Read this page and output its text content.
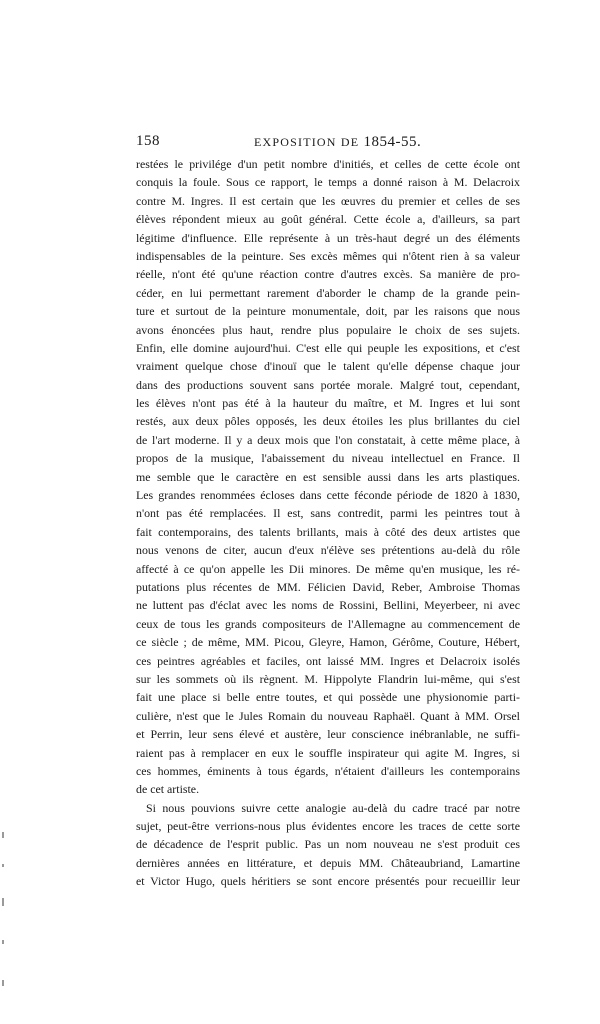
158	EXPOSITION DE 1854-55.
restées le privilége d'un petit nombre d'initiés, et celles de cette école ont
conquis la foule. Sous ce rapport, le temps a donné raison à M. Delacroix
contre M. Ingres. Il est certain que les œuvres du premier et celles de ses
élèves répondent mieux au goût général. Cette école a, d'ailleurs, sa part
légitime d'influence. Elle représente à un très-haut degré un des éléments
indispensables de la peinture. Ses excès mêmes qui n'ôtent rien à sa valeur
réelle, n'ont été qu'une réaction contre d'autres excès. Sa manière de pro-
céder, en lui permettant rarement d'aborder le champ de la grande pein-
ture et surtout de la peinture monumentale, doit, par les raisons que nous
avons énoncées plus haut, rendre plus populaire le choix de ses sujets.
Enfin, elle domine aujourd'hui. C'est elle qui peuple les expositions, et c'est
vraiment quelque chose d'inouï que le talent qu'elle dépense chaque jour
dans des productions souvent sans portée morale. Malgré tout, cependant,
les élèves n'ont pas été à la hauteur du maître, et M. Ingres et lui sont
restés, aux deux pôles opposés, les deux étoiles les plus brillantes du ciel
de l'art moderne. Il y a deux mois que l'on constatait, à cette même place, à
propos de la musique, l'abaissement du niveau intellectuel en France. Il
me semble que le caractère en est sensible aussi dans les arts plastiques.
Les grandes renommées écloses dans cette féconde période de 1820 à 1830,
n'ont pas été remplacées. Il est, sans contredit, parmi les peintres tout à
fait contemporains, des talents brillants, mais à côté des deux artistes que
nous venons de citer, aucun d'eux n'élève ses prétentions au-delà du rôle
affecté à ce qu'on appelle les Dii minores. De même qu'en musique, les ré-
putations plus récentes de MM. Félicien David, Reber, Ambroise Thomas
ne luttent pas d'éclat avec les noms de Rossini, Bellini, Meyerbeer, ni avec
ceux de tous les grands compositeurs de l'Allemagne au commencement de
ce siècle ; de même, MM. Picou, Gleyre, Hamon, Gérôme, Couture, Hébert,
ces peintres agréables et faciles, ont laissé MM. Ingres et Delacroix isolés
sur les sommets où ils règnent. M. Hippolyte Flandrin lui-même, qui s'est
fait une place si belle entre toutes, et qui possède une physionomie parti-
culière, n'est que le Jules Romain du nouveau Raphaël. Quant à MM. Orsel
et Perrin, leur sens élevé et austère, leur conscience inébranlable, ne suffi-
raient pas à remplacer en eux le souffle inspirateur qui agite M. Ingres, si
ces hommes, éminents à tous égards, n'étaient d'ailleurs les contemporains
de cet artiste.
Si nous pouvions suivre cette analogie au-delà du cadre tracé par notre
sujet, peut-être verrions-nous plus évidentes encore les traces de cette sorte
de décadence de l'esprit public. Pas un nom nouveau ne s'est produit ces
dernières années en littérature, et depuis MM. Châteaubriand, Lamartine
et Victor Hugo, quels héritiers se sont encore présentés pour recueillir leur
